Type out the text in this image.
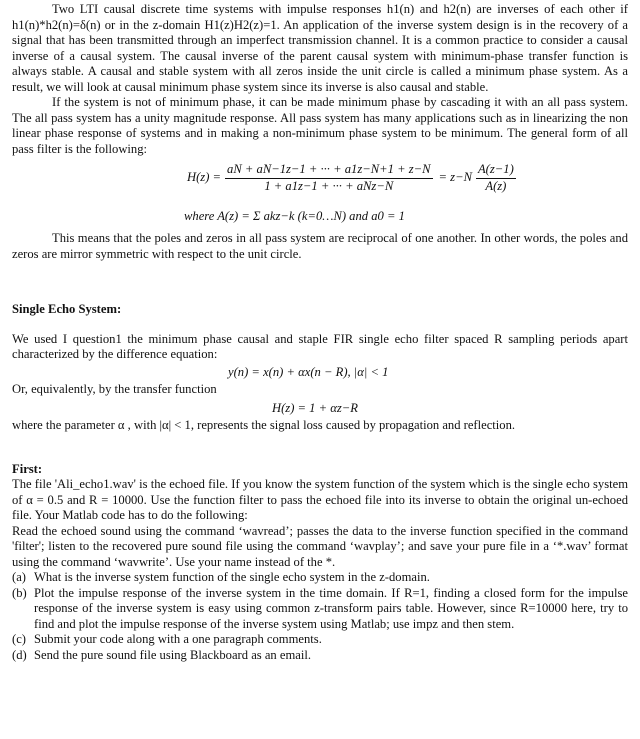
Two LTI causal discrete time systems with impulse responses h1(n) and h2(n) are inverses of each other if h1(n)*h2(n)=δ(n) or in the z-domain H1(z)H2(z)=1. An application of the inverse system design is in the recovery of a signal that has been transmitted through an imperfect transmission channel. It is a common practice to consider a causal inverse of a causal system. The causal inverse of the parent causal system with minimum-phase transfer function is always stable. A causal and stable system with all zeros inside the unit circle is called a minimum phase system. As a result, we will look at causal minimum phase system since its inverse is also causal and stable.

If the system is not of minimum phase, it can be made minimum phase by cascading it with an all pass system. The all pass system has a unity magnitude response. All pass system has many applications such as in linearizing the non linear phase response of systems and in making a non-minimum phase system to be minimum. The general form of all pass filter is the following:

$H(z) = \frac{aN + aN-1z-1 + \cdot\cdot\cdot + a1z-N+1 + z-N}{\text{1 + a1z−1 + ··· + aNz−N}} = z-N \frac{A(z-1)}{A(z)}$
where A(z) = Σ akz−k (k=0…N) and a0 = 1

This means that the poles and zeros in all pass system are reciprocal of one another. In other words, the poles and zeros are mirror symmetric with respect to the unit circle.

Single Echo System:

We used I question1 the minimum phase causal and staple FIR single echo filter spaced R sampling periods apart characterized by the difference equation:

y(n) = x(n) + αx(n − R), |α| < 1

Or, equivalently, by the transfer function

H(z) = 1 + αz−R

where the parameter α , with |α| < 1, represents the signal loss caused by propagation and reflection.

First:

The file 'Ali_echo1.wav' is the echoed file. If you know the system function of the system which is the single echo system of α = 0.5 and R = 10000. Use the function filter to pass the echoed file into its inverse to obtain the original un-echoed file. Your Matlab code has to do the following:

Read the echoed sound using the command ‘wavread’; passes the data to the inverse function specified in the command 'filter'; listen to the recovered pure sound file using the command ‘wavplay’; and save your pure file in a ‘*.wav’ format using the command ‘wavwrite’. Use your name instead of the *.

(a) What is the inverse system function of the single echo system in the z-domain.
(b) Plot the impulse response of the inverse system in the time domain. If R=1, finding a closed form for the impulse response of the inverse system is easy using common z-transform pairs table. However, since R=10000 here, try to find and plot the impulse response of the inverse system using Matlab; use impz and then stem.
(c) Submit your code along with a one paragraph comments.
(d) Send the pure sound file using Blackboard as an email.
